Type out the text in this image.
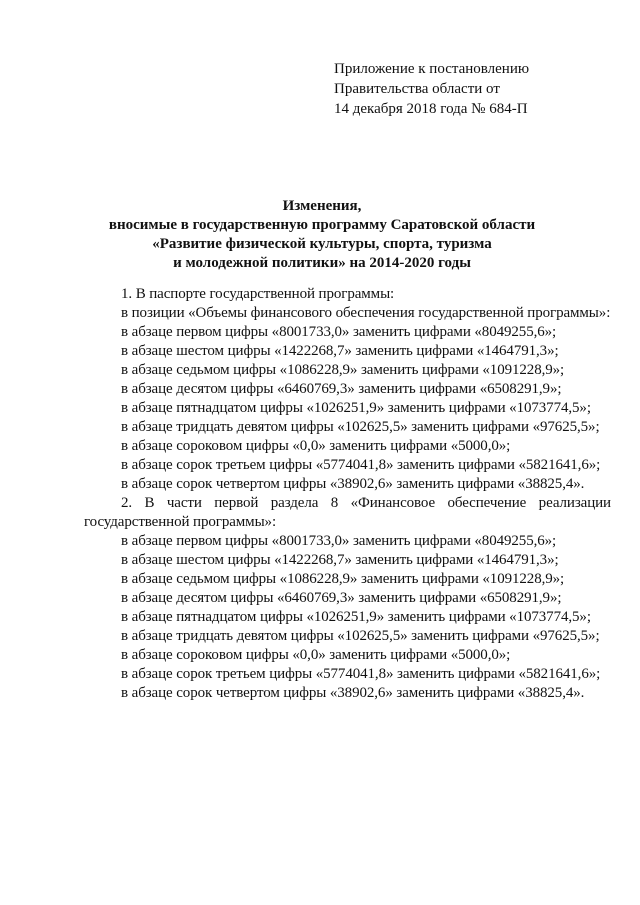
Приложение к постановлению
Правительства области от
14 декабря 2018 года № 684-П
Изменения,
вносимые в государственную программу Саратовской области
«Развитие физической культуры, спорта, туризма
и молодежной политики» на 2014-2020 годы

1. В паспорте государственной программы:

в позиции «Объемы финансового обеспечения государственной программы»:

в абзаце первом цифры «8001733,0» заменить цифрами «8049255,6»;

в абзаце шестом цифры «1422268,7» заменить цифрами «1464791,3»;

в абзаце седьмом цифры «1086228,9» заменить цифрами «1091228,9»;

в абзаце десятом цифры «6460769,3» заменить цифрами «6508291,9»;

в абзаце пятнадцатом цифры «1026251,9» заменить цифрами «1073774,5»;

в абзаце тридцать девятом цифры «102625,5» заменить цифрами «97625,5»;

в абзаце сороковом цифры «0,0» заменить цифрами «5000,0»;

в абзаце сорок третьем цифры «5774041,8» заменить цифрами «5821641,6»;

в абзаце сорок четвертом цифры «38902,6» заменить цифрами «38825,4».

2. В части первой раздела 8 «Финансовое обеспечение реализации государственной программы»:

в абзаце первом цифры «8001733,0» заменить цифрами «8049255,6»;

в абзаце шестом цифры «1422268,7» заменить цифрами «1464791,3»;

в абзаце седьмом цифры «1086228,9» заменить цифрами «1091228,9»;

в абзаце десятом цифры «6460769,3» заменить цифрами «6508291,9»;

в абзаце пятнадцатом цифры «1026251,9» заменить цифрами «1073774,5»;

в абзаце тридцать девятом цифры «102625,5» заменить цифрами «97625,5»;

в абзаце сороковом цифры «0,0» заменить цифрами «5000,0»;

в абзаце сорок третьем цифры «5774041,8» заменить цифрами «5821641,6»;

в абзаце сорок четвертом цифры «38902,6» заменить цифрами «38825,4».
